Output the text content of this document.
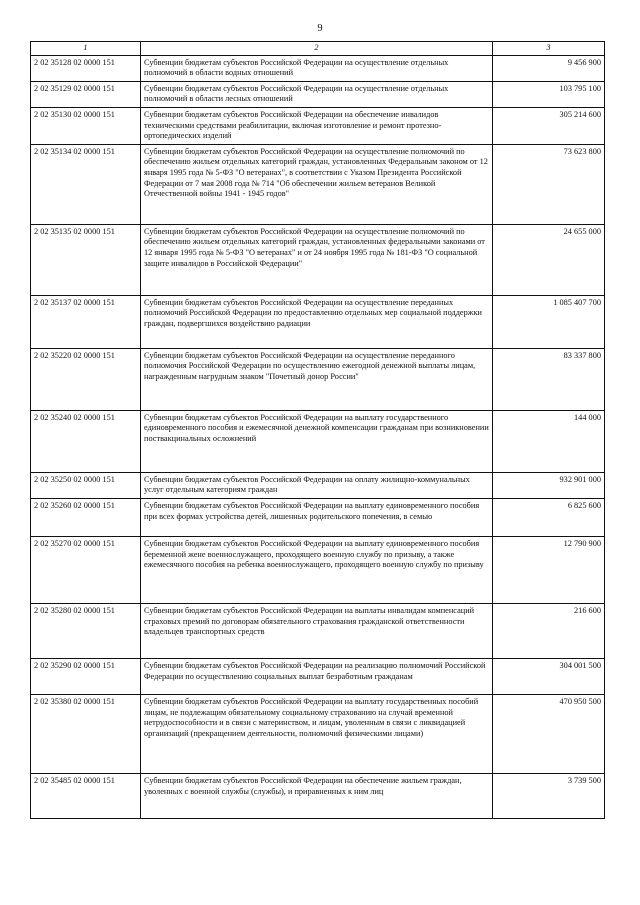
9
1	2	3
2 02 35128 02 0000 151	Субвенции бюджетам субъектов Российской Федерации на осуществление отдельных полномочий в области водных отношений	9 456 900
2 02 35129 02 0000 151	Субвенции бюджетам субъектов Российской Федерации на осуществление отдельных полномочий в области лесных отношений	103 795 100
2 02 35130 02 0000 151	Субвенции бюджетам субъектов Российской Федерации на обеспечение инвалидов техническими средствами реабилитации, включая изготовление и ремонт протезно-ортопедических изделий	305 214 600
2 02 35134 02 0000 151	Субвенции бюджетам субъектов Российской Федерации на осуществление полномочий по обеспечению жильем отдельных категорий граждан, установленных Федеральным законом от 12 января 1995 года № 5-ФЗ "О ветеранах", в соответствии с Указом Президента Российской Федерации от 7 мая 2008 года № 714 "Об обеспечении жильем ветеранов Великой Отечественной войны 1941 - 1945 годов"	73 623 800
2 02 35135 02 0000 151	Субвенции бюджетам субъектов Российской Федерации на осуществление полномочий по обеспечению жильем отдельных категорий граждан, установленных федеральными законами от 12 января 1995 года № 5-ФЗ "О ветеранах" и от 24 ноября 1995 года № 181-ФЗ "О социальной защите инвалидов в Российской Федерации"	24 655 000
2 02 35137 02 0000 151	Субвенции бюджетам субъектов Российской Федерации на осуществление переданных полномочий Российской Федерации по предоставлению отдельных мер социальной поддержки граждан, подвергшихся воздействию радиации	1 085 407 700
2 02 35220 02 0000 151	Субвенции бюджетам субъектов Российской Федерации на осуществление переданного полномочия Российской Федерации по осуществлению ежегодной денежной выплаты лицам, награжденным нагрудным знаком "Почетный донор России"	83 337 800
2 02 35240 02 0000 151	Субвенции бюджетам субъектов Российской Федерации на выплату государственного единовременного пособия и ежемесячной денежной компенсации гражданам при возникновении поствакцинальных осложнений	144 000
2 02 35250 02 0000 151	Субвенции бюджетам субъектов Российской Федерации на оплату жилищно-коммунальных услуг отдельным категориям граждан	932 901 000
2 02 35260 02 0000 151	Субвенции бюджетам субъектов Российской Федерации на выплату единовременного пособия при всех формах устройства детей, лишенных родительского попечения, в семью	6 825 600
2 02 35270 02 0000 151	Субвенции бюджетам субъектов Российской Федерации на выплату единовременного пособия беременной жене военнослужащего, проходящего военную службу по призыву, а также ежемесячного пособия на ребенка военнослужащего, проходящего военную службу по призыву	12 790 900
2 02 35280 02 0000 151	Субвенции бюджетам субъектов Российской Федерации на выплаты инвалидам компенсаций страховых премий по договорам обязательного страхования гражданской ответственности владельцев транспортных средств	216 600
2 02 35290 02 0000 151	Субвенции бюджетам субъектов Российской Федерации на реализацию полномочий Российской Федерации по осуществлению социальных выплат безработным гражданам	304 001 500
2 02 35380 02 0000 151	Субвенции бюджетам субъектов Российской Федерации на выплату государственных пособий лицам, не подлежащим обязательному социальному страхованию на случай временной нетрудоспособности и в связи с материнством, и лицам, уволенным в связи с ликвидацией организаций (прекращением деятельности, полномочий физическими лицами)	470 950 500
2 02 35485 02 0000 151	Субвенции бюджетам субъектов Российской Федерации на обеспечение жильем граждан, уволенных с военной службы (службы), и приравненных к ним лиц	3 739 500
